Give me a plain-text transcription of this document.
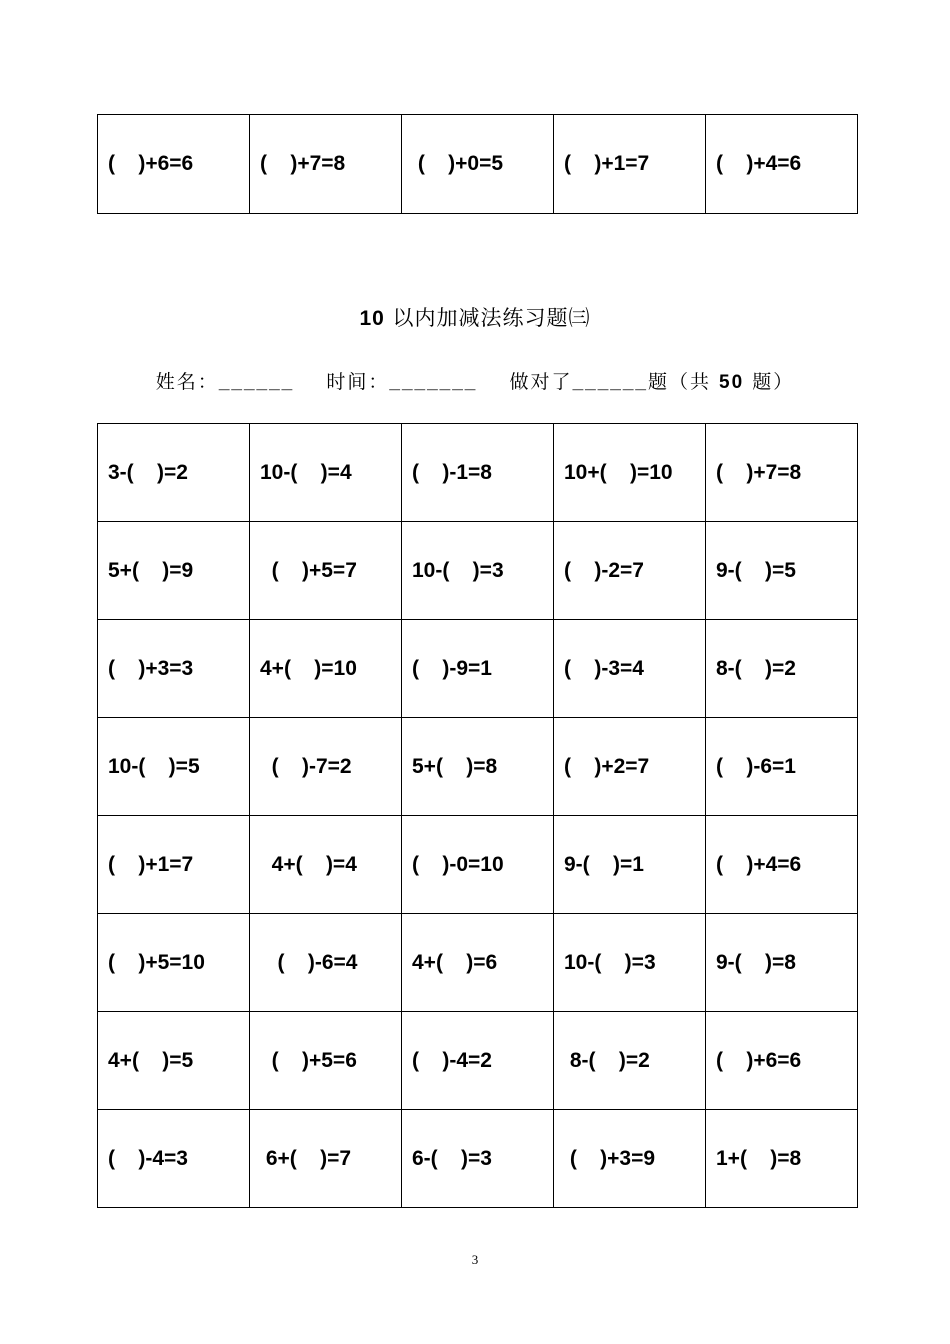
(    )+6=6	(    )+7=8	(    )+0=5	(    )+1=7	(    )+4=6
10 以内加减法练习题㈢
姓名：______ 时间：_______ 做对了______题（共 50 题）
3-(    )=2	10-(    )=4	(    )-1=8	10+(    )=10	(    )+7=8
5+(    )=9	(    )+5=7	10-(    )=3	(    )-2=7	9-(    )=5
(    )+3=3	4+(    )=10	(    )-9=1	(    )-3=4	8-(    )=2
10-(    )=5	(    )-7=2	5+(    )=8	(    )+2=7	(    )-6=1
(    )+1=7	4+(    )=4	(    )-0=10	9-(    )=1	(    )+4=6
(    )+5=10	(    )-6=4	4+(    )=6	10-(    )=3	9-(    )=8
4+(    )=5	(    )+5=6	(    )-4=2	8-(    )=2	(    )+6=6
(    )-4=3	6+(    )=7	6-(    )=3	(    )+3=9	1+(    )=8
3
